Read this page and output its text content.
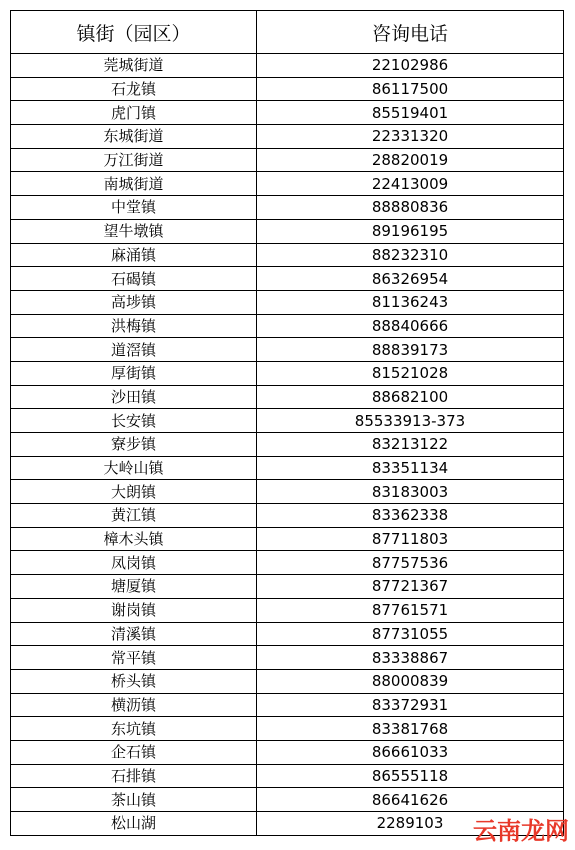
镇街（园区）	咨询电话
莞城街道	22102986
石龙镇	86117500
虎门镇	85519401
东城街道	22331320
万江街道	28820019
南城街道	22413009
中堂镇	88880836
望牛墩镇	89196195
麻涌镇	88232310
石碣镇	86326954
高埗镇	81136243
洪梅镇	88840666
道滘镇	88839173
厚街镇	81521028
沙田镇	88682100
长安镇	85533913-373
寮步镇	83213122
大岭山镇	83351134
大朗镇	83183003
黄江镇	83362338
樟木头镇	87711803
凤岗镇	87757536
塘厦镇	87721367
谢岗镇	87761571
清溪镇	87731055
常平镇	83338867
桥头镇	88000839
横沥镇	83372931
东坑镇	83381768
企石镇	86661033
石排镇	86555118
茶山镇	86641626
松山湖	2289103 云南龙网
